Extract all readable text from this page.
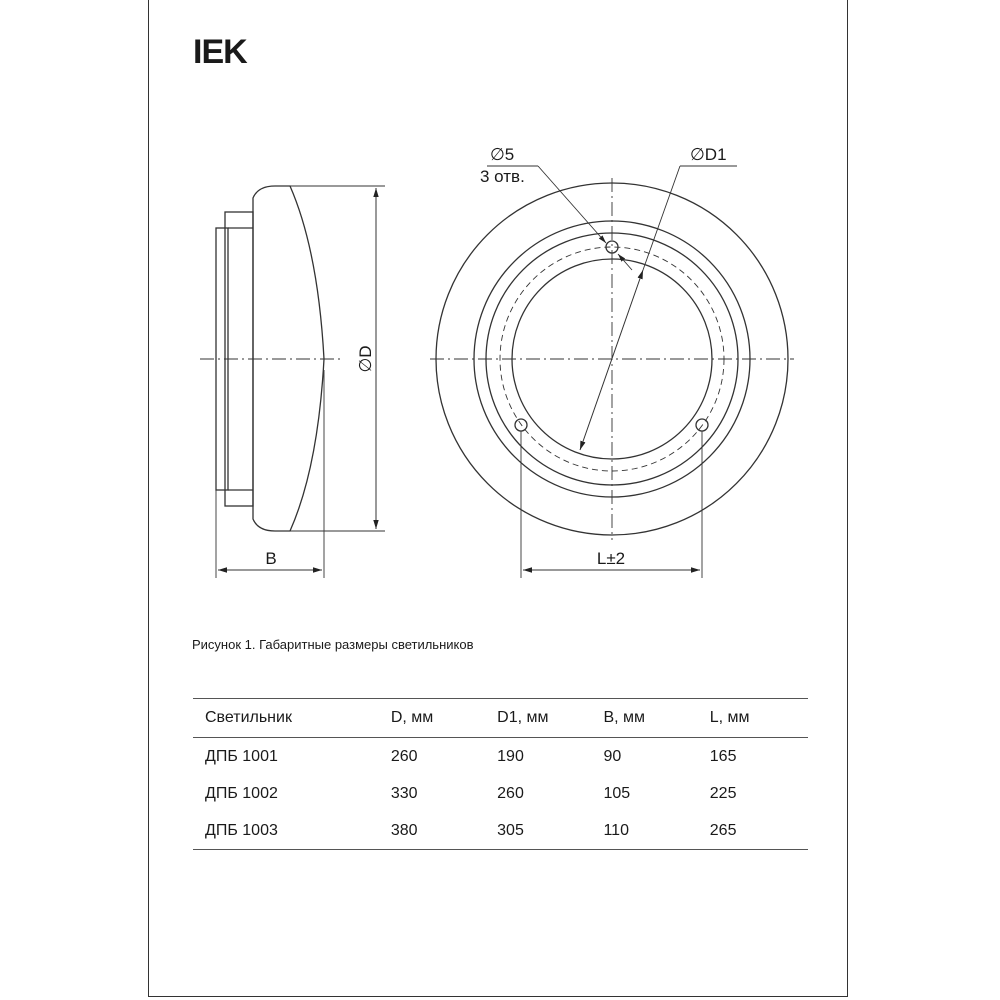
IEK
∅D
B
∅5
3 отв.
∅D1
L±2
Рисунок 1. Габаритные размеры светильников
Светильник	D, мм	D1, мм	B, мм	L, мм
ДПБ 1001	260	190	90	165
ДПБ 1002	330	260	105	225
ДПБ 1003	380	305	110	265
